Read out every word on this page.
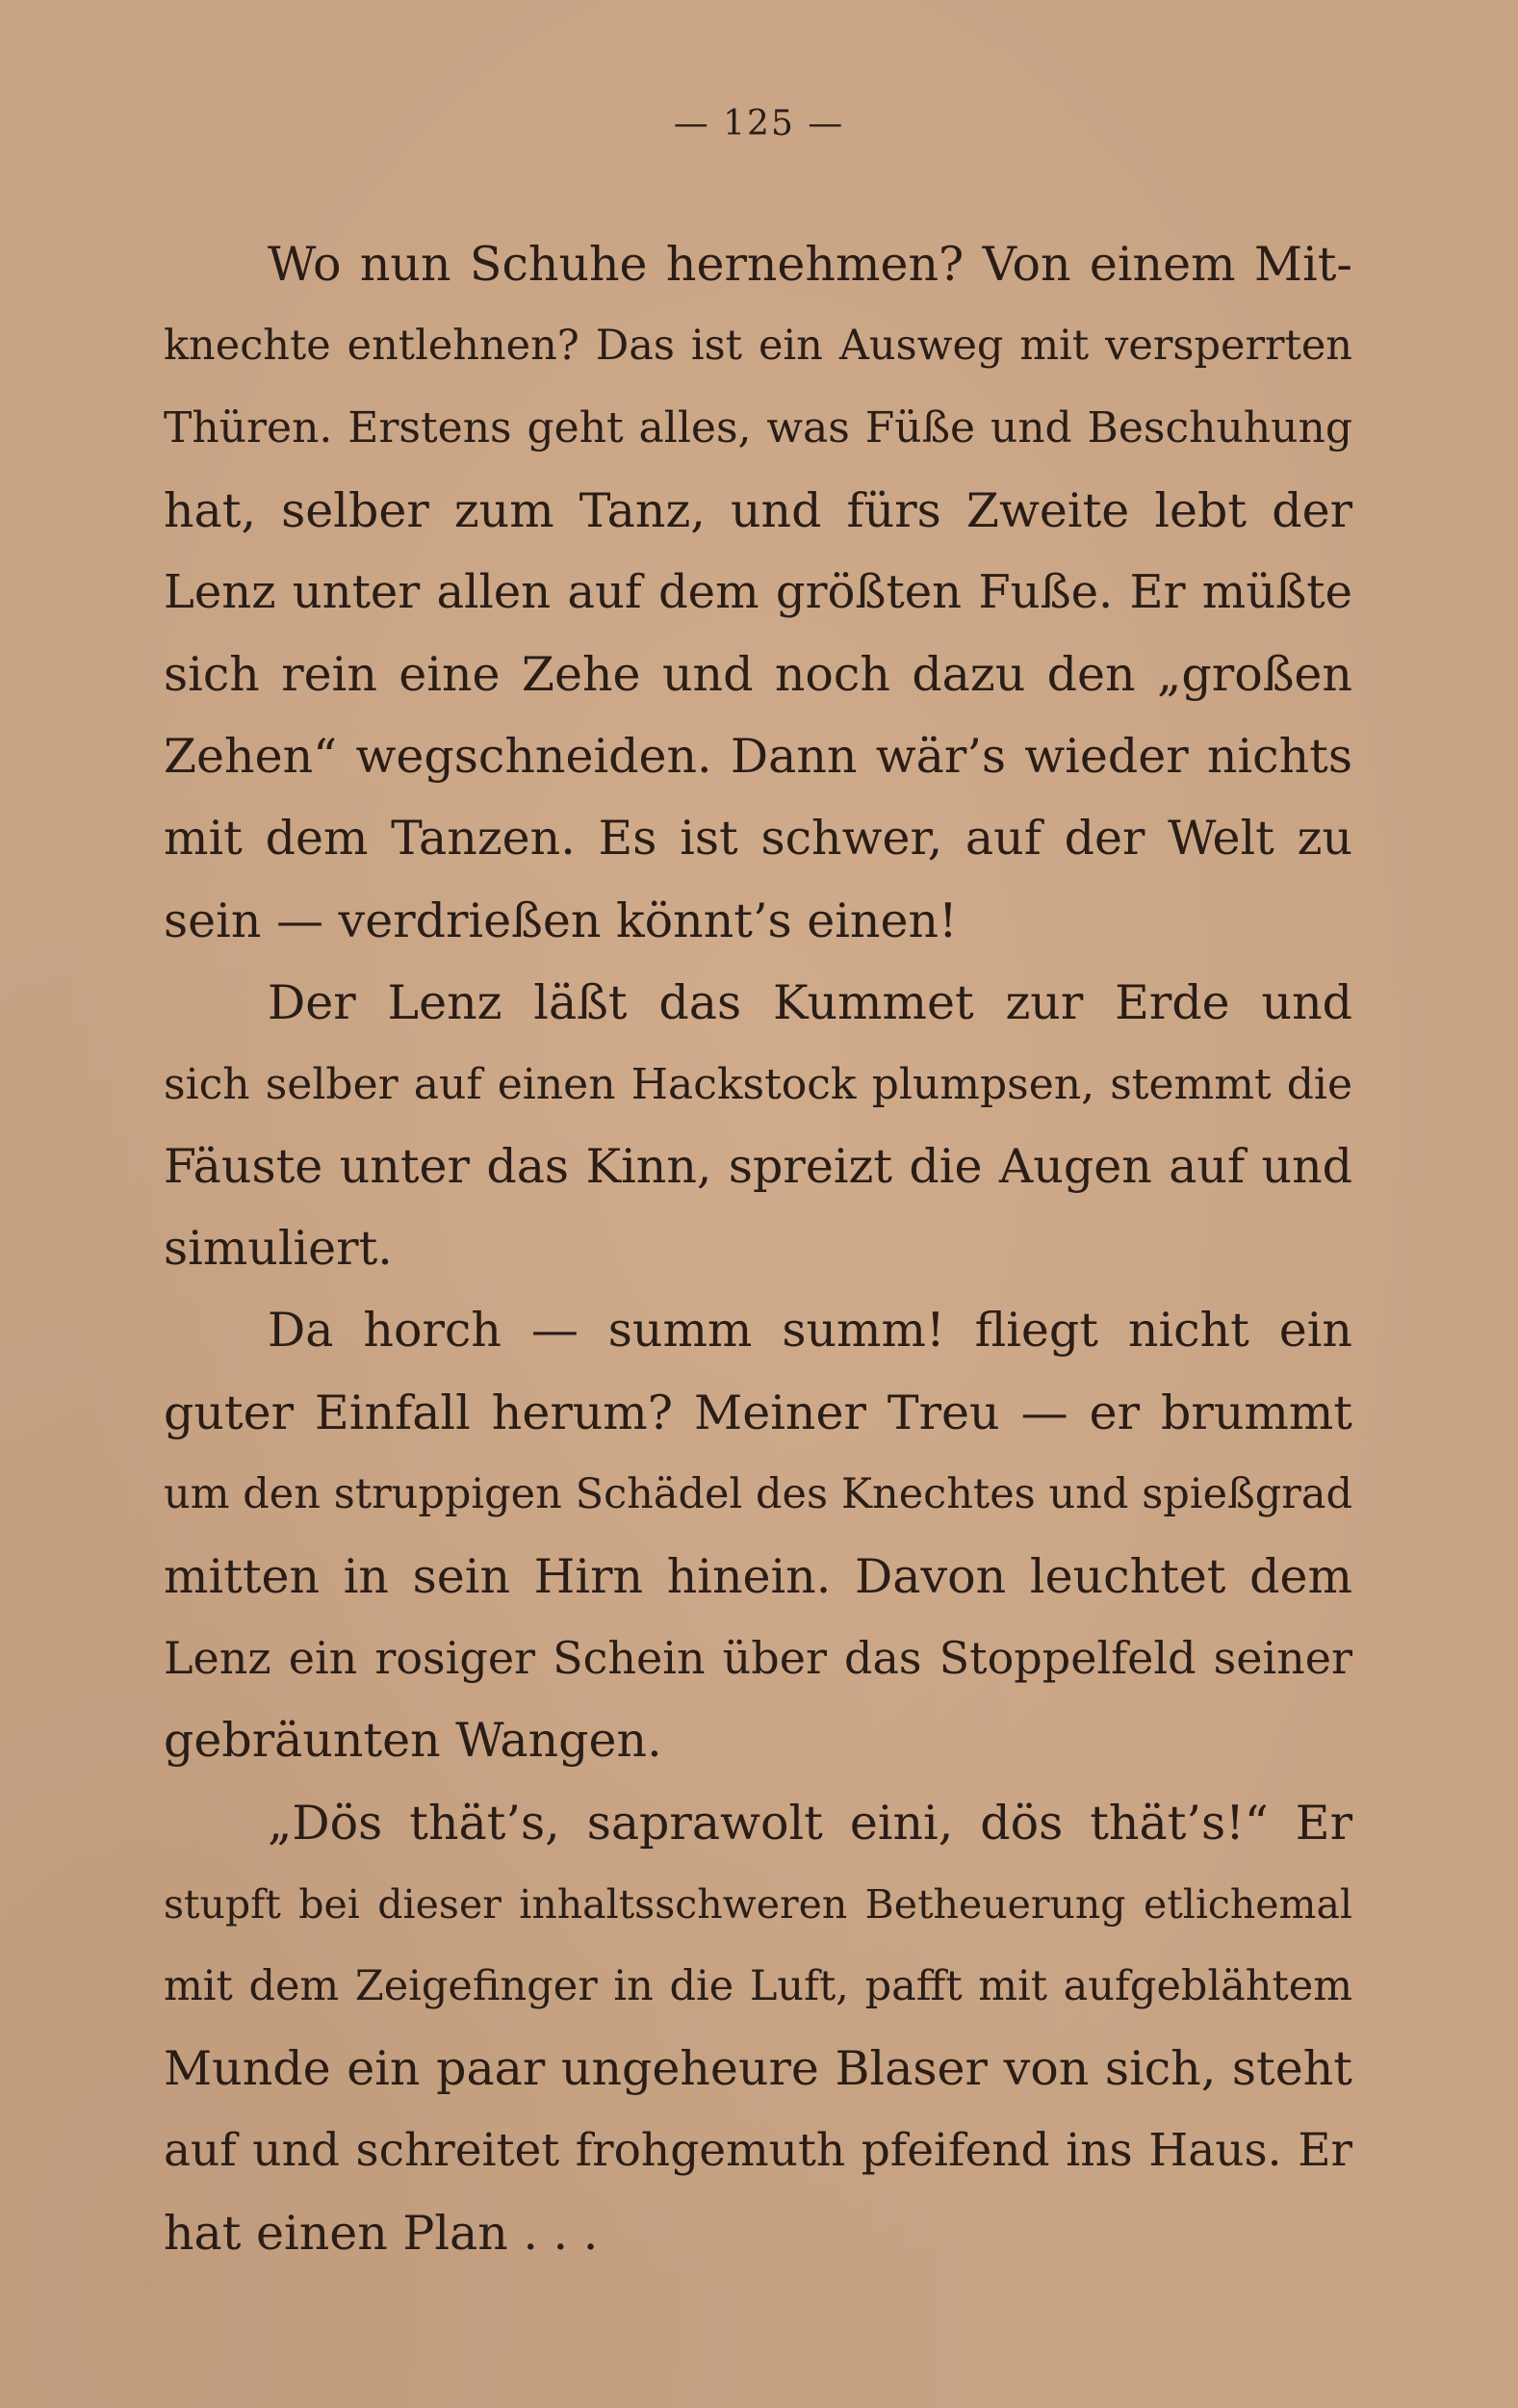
— 125 —
Wo nun Schuhe hernehmen? Von einem Mit-
knechte entlehnen? Das ist ein Ausweg mit versperrten
Thüren. Erstens geht alles, was Füße und Beschuhung
hat, selber zum Tanz, und fürs Zweite lebt der
Lenz unter allen auf dem größten Fuße. Er müßte
sich rein eine Zehe und noch dazu den „großen
Zehen“ wegschneiden. Dann wär’s wieder nichts
mit dem Tanzen. Es ist schwer, auf der Welt zu
sein — verdrießen könnt’s einen!
Der Lenz läßt das Kummet zur Erde und
sich selber auf einen Hackstock plumpsen, stemmt die
Fäuste unter das Kinn, spreizt die Augen auf und
simuliert.
Da horch — summ summ! fliegt nicht ein
guter Einfall herum? Meiner Treu — er brummt
um den struppigen Schädel des Knechtes und spießgrad
mitten in sein Hirn hinein. Davon leuchtet dem
Lenz ein rosiger Schein über das Stoppelfeld seiner
gebräunten Wangen.
„Dös thät’s, saprawolt eini, dös thät’s!“ Er
stupft bei dieser inhaltsschweren Betheuerung etlichemal
mit dem Zeigefinger in die Luft, pafft mit aufgeblähtem
Munde ein paar ungeheure Blaser von sich, steht
auf und schreitet frohgemuth pfeifend ins Haus. Er
hat einen Plan . . .
